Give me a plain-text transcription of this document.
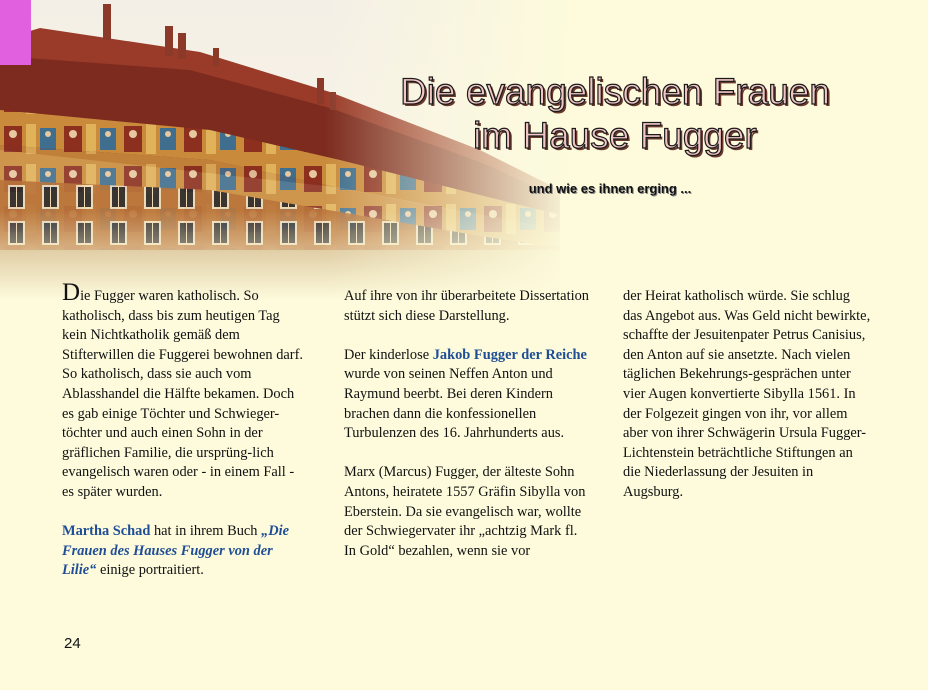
Die evangelischen Frauen
im Hause Fugger
und wie es ihnen erging ...

Die Fugger waren katholisch. So katholisch, dass bis zum heutigen Tag kein Nichtkatholik gemäß dem Stifterwillen die Fuggerei bewohnen darf. So katholisch, dass sie auch vom Ablasshandel die Hälfte bekamen. Doch es gab einige Töchter und Schwieger-töchter und auch einen Sohn in der gräflichen Familie, die ursprüng-lich evangelisch waren oder - in einem Fall - es später wurden.

Martha Schad hat in ihrem Buch „Die Frauen des Hauses Fugger von der Lilie“ einige portraitiert.

Auf ihre von ihr überarbeitete Dissertation stützt sich diese Darstellung.

Der kinderlose Jakob Fugger der Reiche wurde von seinen Neffen Anton und Raymund beerbt. Bei deren Kindern brachen dann die konfessionellen Turbulenzen des 16. Jahrhunderts aus.

Marx (Marcus) Fugger, der älteste Sohn Antons, heiratete 1557 Gräfin Sibylla von Eberstein. Da sie evangelisch war, wollte der Schwiegervater ihr „achtzig Mark fl. In Gold“ bezahlen, wenn sie vor

der Heirat katholisch würde. Sie schlug das Angebot aus. Was Geld nicht bewirkte, schaffte der Jesuitenpater Petrus Canisius, den Anton auf sie ansetzte. Nach vielen täglichen Bekehrungs-gesprächen unter vier Augen konvertierte Sibylla 1561. In der Folgezeit gingen von ihr, vor allem aber von ihrer Schwägerin Ursula Fugger-Lichtenstein beträchtliche Stiftungen an die Niederlassung der Jesuiten in Augsburg.

24
